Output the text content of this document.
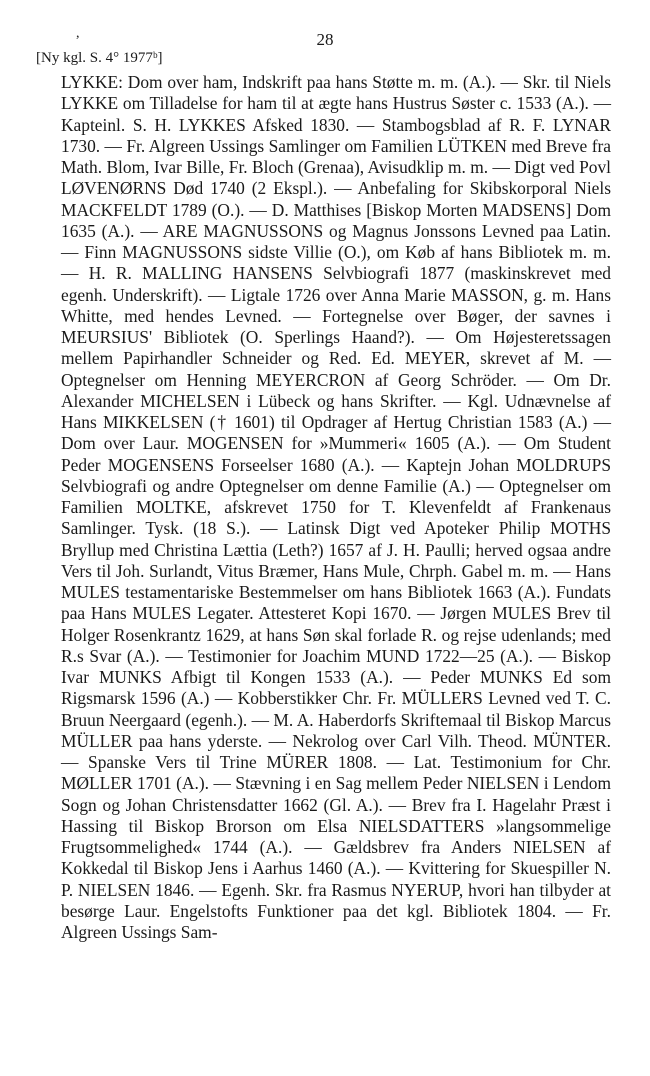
,	28
[Ny kgl. S. 4° 1977ᵇ]

LYKKE: Dom over ham, Indskrift paa hans Støtte m. m. (A.). — Skr. til Niels LYKKE om Tilladelse for ham til at ægte hans Hustrus Søster c. 1533 (A.). — Kapteinl. S. H. LYKKES Afsked 1830. — Stambogsblad af R. F. LYNAR 1730. — Fr. Algreen Ussings Samlinger om Familien LÜTKEN med Breve fra Math. Blom, Ivar Bille, Fr. Bloch (Grenaa), Avisudklip m. m. — Digt ved Povl LØVENØRNS Død 1740 (2 Ekspl.). — Anbefaling for Skibskorporal Niels MACKFELDT 1789 (O.). — D. Matthises [Biskop Morten MADSENS] Dom 1635 (A.). — ARE MAGNUSSONS og Magnus Jonssons Levned paa Latin. — Finn MAGNUSSONS sidste Villie (O.), om Køb af hans Bibliotek m. m. — H. R. MALLING HANSENS Selvbiografi 1877 (maskinskrevet med egenh. Underskrift). — Ligtale 1726 over Anna Marie MASSON, g. m. Hans Whitte, med hendes Levned. — Fortegnelse over Bøger, der savnes i MEURSIUS' Bibliotek (O. Sperlings Haand?). — Om Højesteretssagen mellem Papirhandler Schneider og Red. Ed. MEYER, skrevet af M. — Optegnelser om Henning MEYERCRON af Georg Schröder. — Om Dr. Alexander MICHELSEN i Lübeck og hans Skrifter. — Kgl. Udnævnelse af Hans MIKKELSEN († 1601) til Opdrager af Hertug Christian 1583 (A.) — Dom over Laur. MOGENSEN for »Mummeri« 1605 (A.). — Om Student Peder MOGENSENS Forseelser 1680 (A.). — Kaptejn Johan MOLDRUPS Selvbiografi og andre Optegnelser om denne Familie (A.) — Optegnelser om Familien MOLTKE, afskrevet 1750 for T. Klevenfeldt af Frankenaus Samlinger. Tysk. (18 S.). — Latinsk Digt ved Apoteker Philip MOTHS Bryllup med Christina Lættia (Leth?) 1657 af J. H. Paulli; herved ogsaa andre Vers til Joh. Surlandt, Vitus Bræmer, Hans Mule, Chrph. Gabel m. m. — Hans MULES testamentariske Bestemmelser om hans Bibliotek 1663 (A.). Fundats paa Hans MULES Legater. Attesteret Kopi 1670. — Jørgen MULES Brev til Holger Rosenkrantz 1629, at hans Søn skal forlade R. og rejse udenlands; med R.s Svar (A.). — Testimonier for Joachim MUND 1722—25 (A.). — Biskop Ivar MUNKS Afbigt til Kongen 1533 (A.). — Peder MUNKS Ed som Rigsmarsk 1596 (A.) — Kobberstikker Chr. Fr. MÜLLERS Levned ved T. C. Bruun Neergaard (egenh.). — M. A. Haberdorfs Skriftemaal til Biskop Marcus MÜLLER paa hans yderste. — Nekrolog over Carl Vilh. Theod. MÜNTER. — Spanske Vers til Trine MÜRER 1808. — Lat. Testimonium for Chr. MØLLER 1701 (A.). — Stævning i en Sag mellem Peder NIELSEN i Lendom Sogn og Johan Christensdatter 1662 (Gl. A.). — Brev fra I. Hagelahr Præst i Hassing til Biskop Brorson om Elsa NIELSDATTERS »langsommelige Frugtsommelighed« 1744 (A.). — Gældsbrev fra Anders NIELSEN af Kokkedal til Biskop Jens i Aarhus 1460 (A.). — Kvittering for Skuespiller N. P. NIELSEN 1846. — Egenh. Skr. fra Rasmus NYERUP, hvori han tilbyder at besørge Laur. Engelstofts Funktioner paa det kgl. Bibliotek 1804. — Fr. Algreen Ussings Sam-
